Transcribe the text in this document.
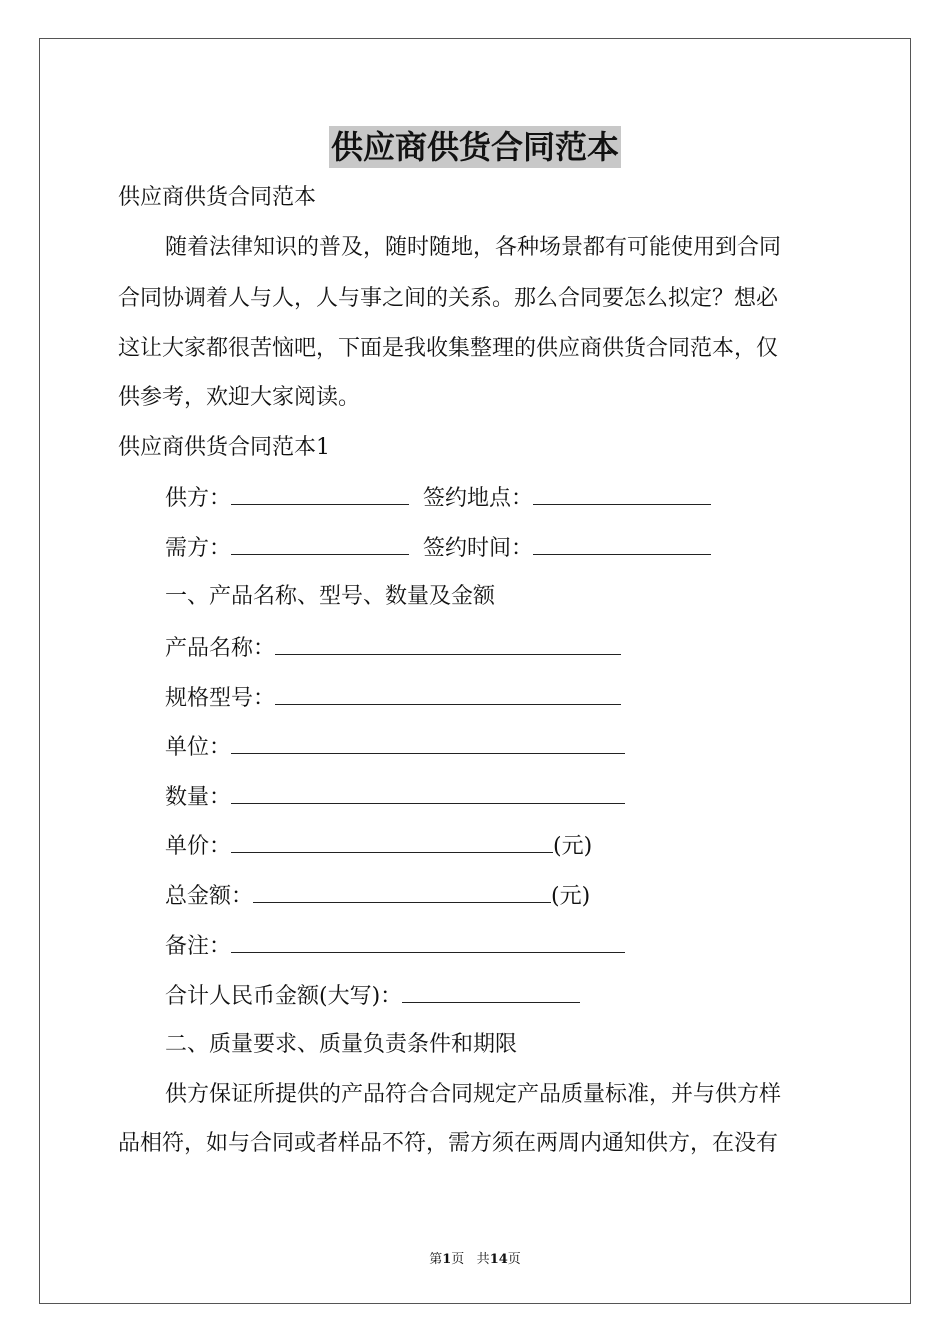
供应商供货合同范本
供应商供货合同范本
随着法律知识的普及，随时随地，各种场景都有可能使用到合同
合同协调着人与人，人与事之间的关系。那么合同要怎么拟定？想必
这让大家都很苦恼吧，下面是我收集整理的供应商供货合同范本，仅
供参考，欢迎大家阅读。
供应商供货合同范本1
供方：	签约地点：
需方：	签约时间：
一、产品名称、型号、数量及金额
产品名称：
规格型号：
单位：
数量：
单价：	(元)
总金额：	(元)
备注：
合计人民币金额(大写)：
二、质量要求、质量负责条件和期限
供方保证所提供的产品符合合同规定产品质量标准，并与供方样
品相符，如与合同或者样品不符，需方须在两周内通知供方，在没有
第1页 共14页
